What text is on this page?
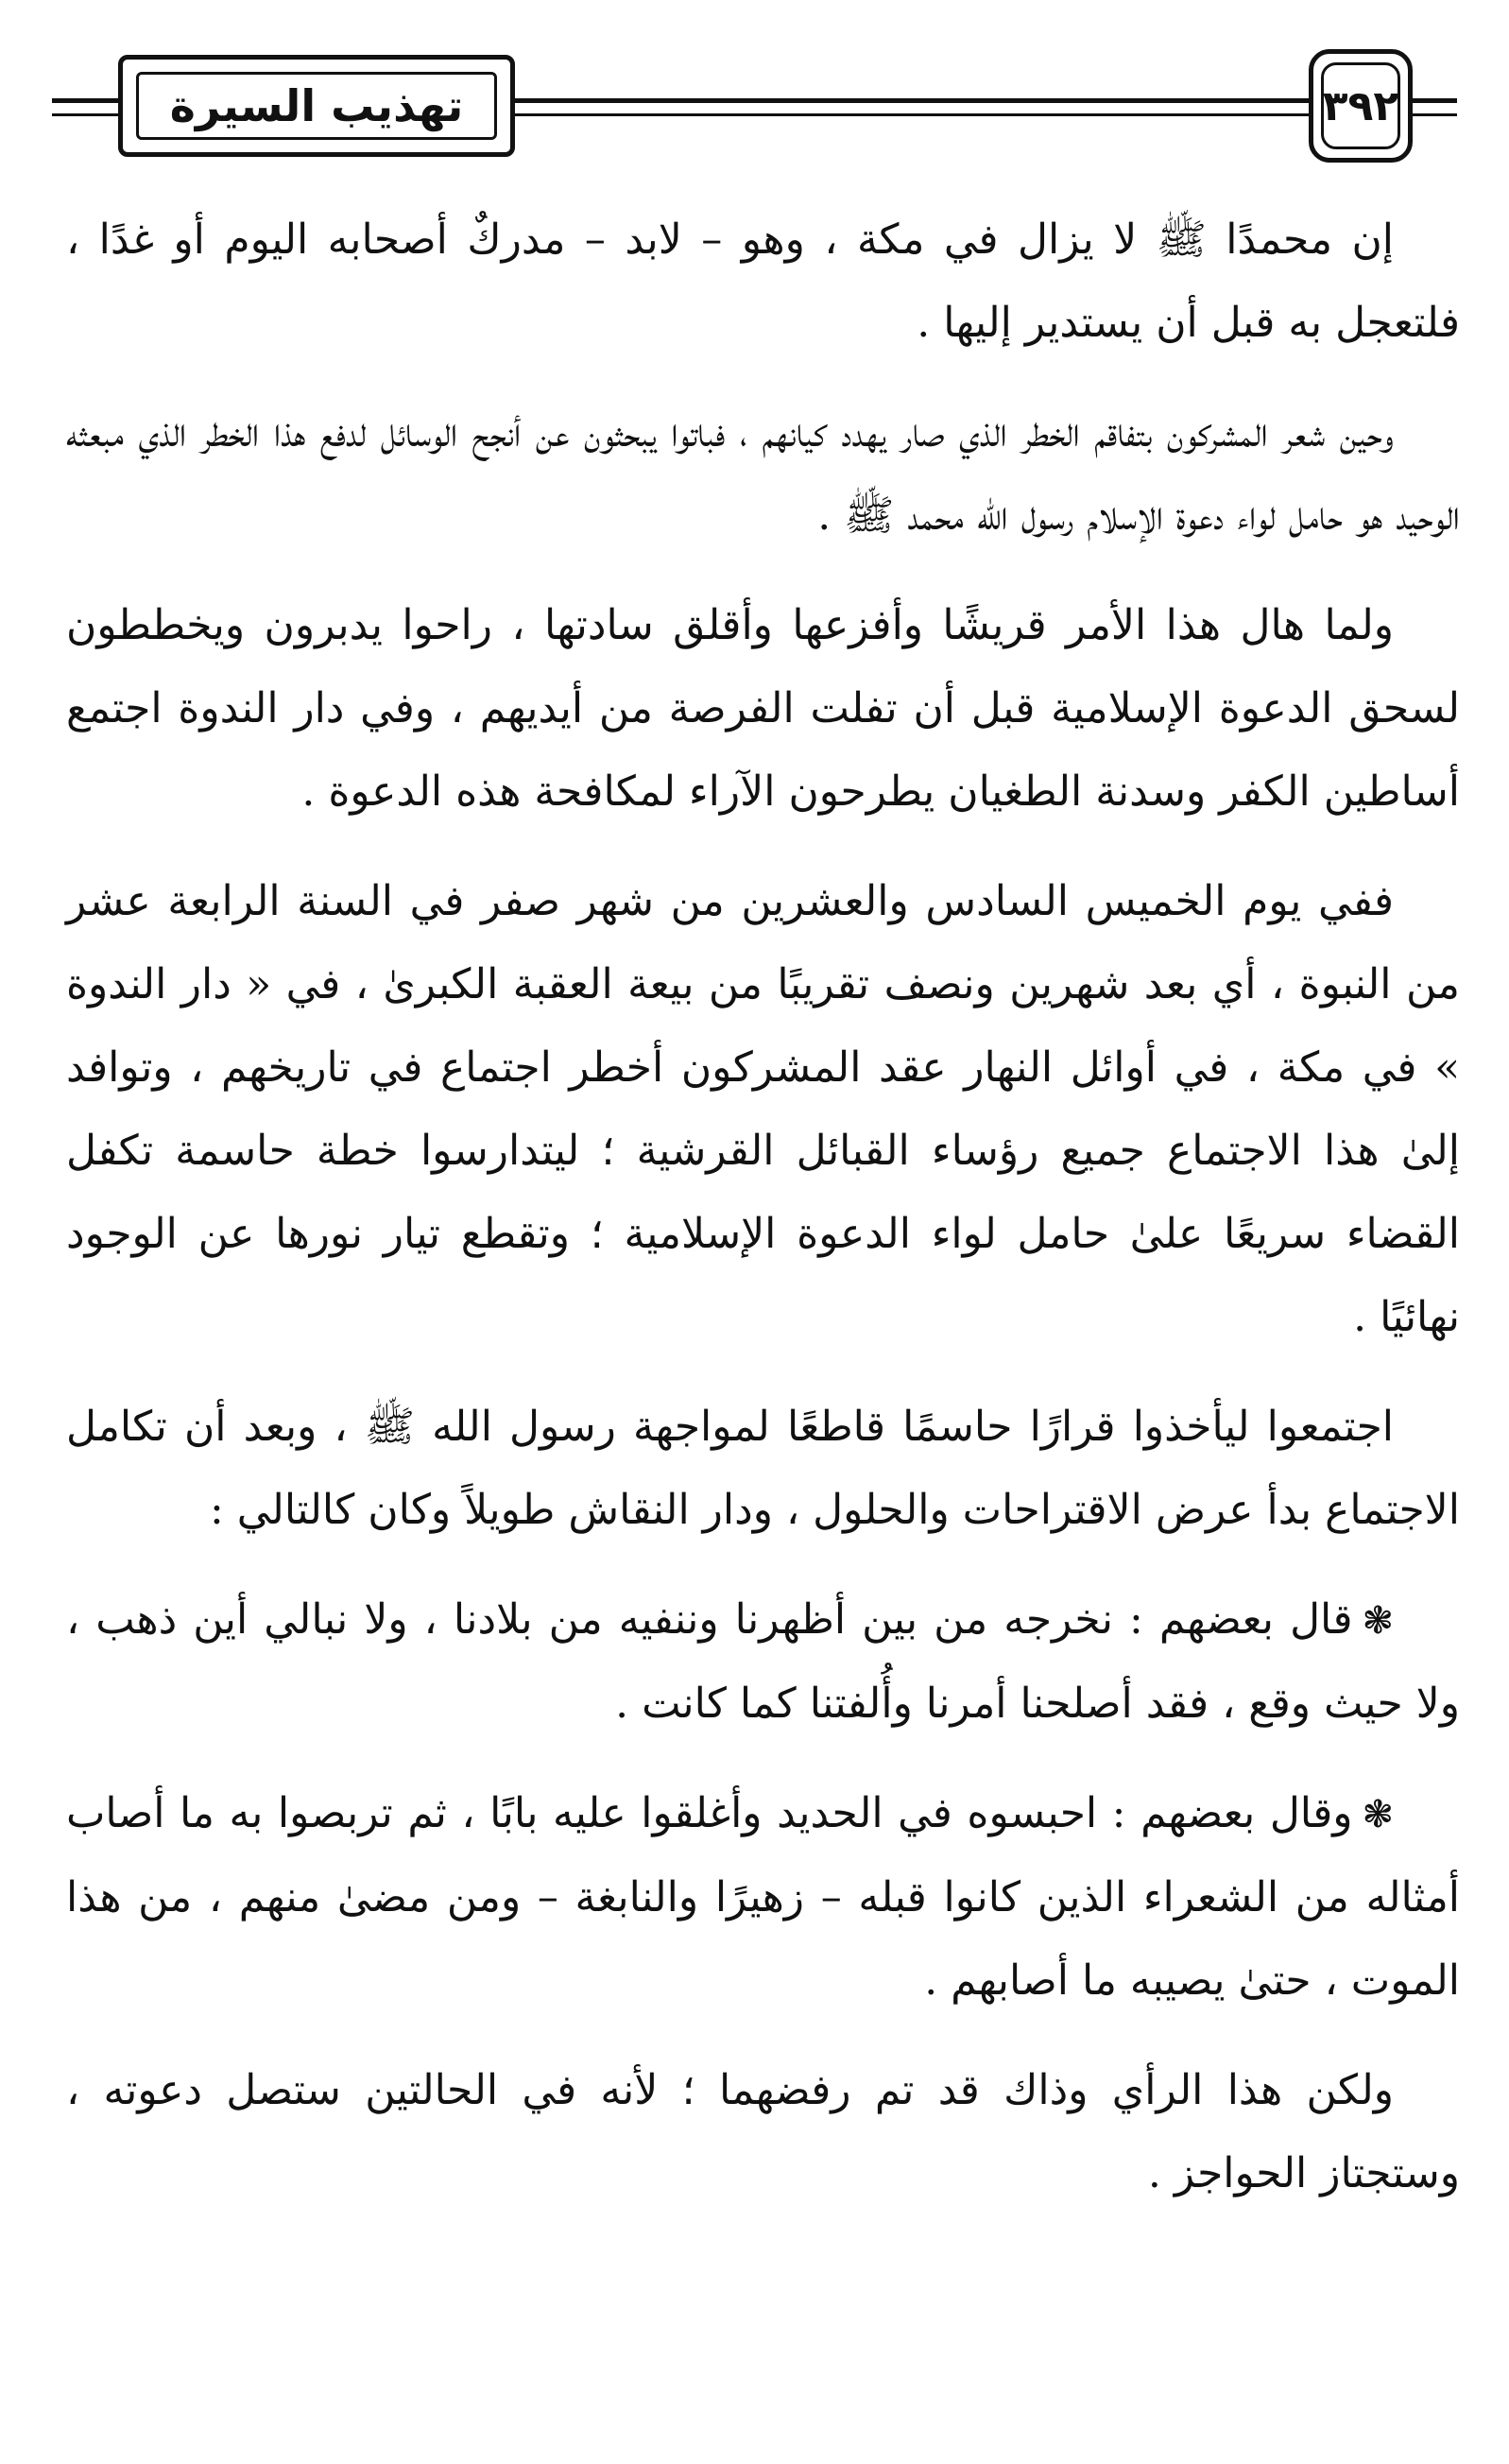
تهذيب السيرة	٣٩٢

إن محمدًا ﷺ لا يزال في مكة ، وهو – لابد – مدركٌ أصحابه اليوم أو غدًا ، فلتعجل به قبل أن يستدير إليها .

وحين شعر المشركون بتفاقم الخطر الذي صار يهدد كيانهم ، فباتوا يبحثون عن أنجح الوسائل لدفع هذا الخطر الذي مبعثه الوحيد هو حامل لواء دعوة الإسلام رسول الله محمد ﷺ .

ولما هال هذا الأمر قريشًا وأفزعها وأقلق سادتها ، راحوا يدبرون ويخططون لسحق الدعوة الإسلامية قبل أن تفلت الفرصة من أيديهم ، وفي دار الندوة اجتمع أساطين الكفر وسدنة الطغيان يطرحون الآراء لمكافحة هذه الدعوة .

ففي يوم الخميس السادس والعشرين من شهر صفر في السنة الرابعة عشر من النبوة ، أي بعد شهرين ونصف تقريبًا من بيعة العقبة الكبرىٰ ، في « دار الندوة » في مكة ، في أوائل النهار عقد المشركون أخطر اجتماع في تاريخهم ، وتوافد إلىٰ هذا الاجتماع جميع رؤساء القبائل القرشية ؛ ليتدارسوا خطة حاسمة تكفل القضاء سريعًا علىٰ حامل لواء الدعوة الإسلامية ؛ وتقطع تيار نورها عن الوجود نهائيًا .

اجتمعوا ليأخذوا قرارًا حاسمًا قاطعًا لمواجهة رسول الله ﷺ ، وبعد أن تكامل الاجتماع بدأ عرض الاقتراحات والحلول ، ودار النقاش طويلاً وكان كالتالي :

❃قال بعضهم : نخرجه من بين أظهرنا وننفيه من بلادنا ، ولا نبالي أين ذهب ، ولا حيث وقع ، فقد أصلحنا أمرنا وأُلفتنا كما كانت .

❃وقال بعضهم : احبسوه في الحديد وأغلقوا عليه بابًا ، ثم تربصوا به ما أصاب أمثاله من الشعراء الذين كانوا قبله – زهيرًا والنابغة – ومن مضىٰ منهم ، من هذا الموت ، حتىٰ يصيبه ما أصابهم .

ولكن هذا الرأي وذاك قد تم رفضهما ؛ لأنه في الحالتين ستصل دعوته ، وستجتاز الحواجز .
